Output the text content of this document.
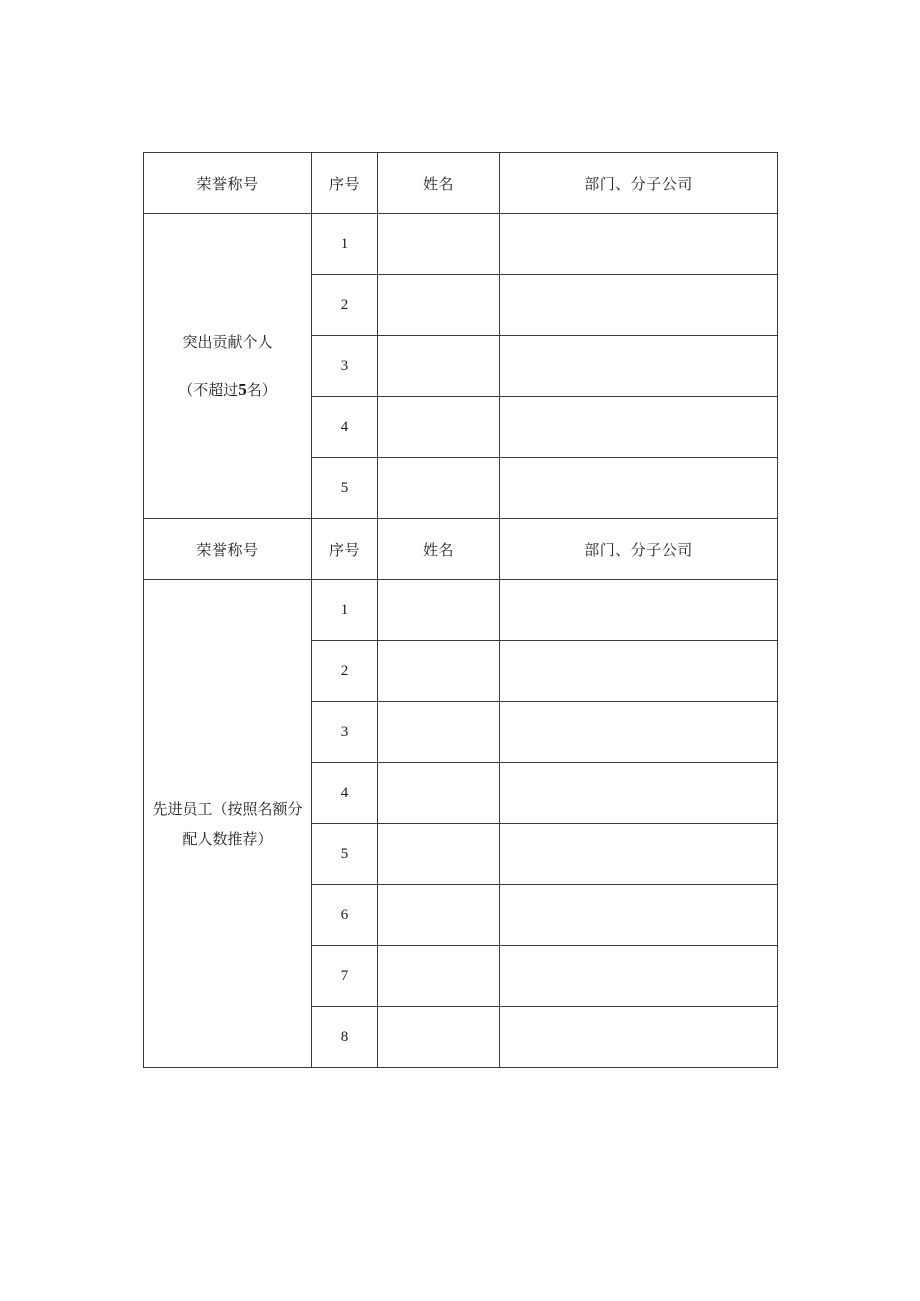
荣誉称号	序号	姓名	部门、分子公司

突出贡献个人
（不超过5名）	1		
	2		
	3		
	4		
	5		
荣誉称号	序号	姓名	部门、分子公司

先进员工（按照名额分
配人数推荐）	1		
	2		
	3		
	4		
	5		
	6		
	7		
	8		
